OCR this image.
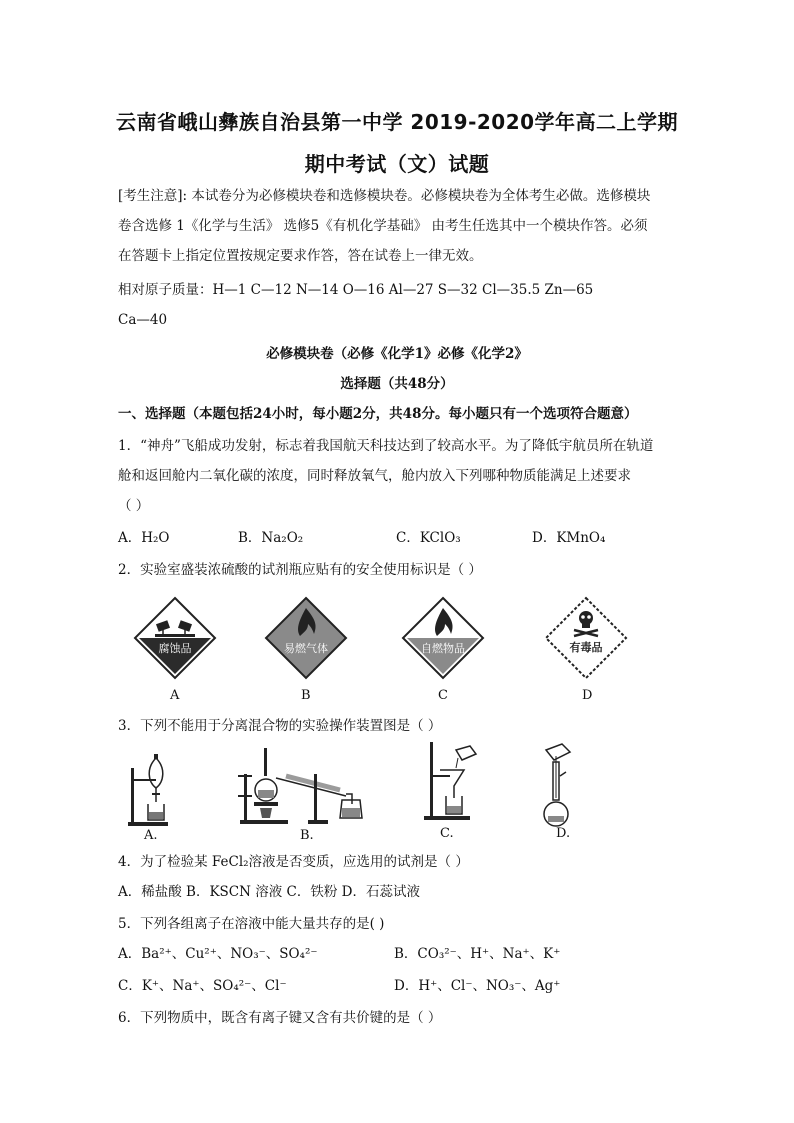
云南省峨山彝族自治县第一中学 2019-2020学年高二上学期
期中考试（文）试题
[考生注意]: 本试卷分为必修模块卷和选修模块卷。必修模块卷为全体考生必做。选修模块
卷含选修 1《化学与生活》 选修5《有机化学基础》 由考生任选其中一个模块作答。必须
在答题卡上指定位置按规定要求作答，答在试卷上一律无效。
相对原子质量：H—1 C—12 N—14 O—16 Al—27 S—32 Cl—35.5 Zn—65
Ca—40
必修模块卷（必修《化学1》必修《化学2》
选择题（共48分）
一、选择题（本题包括24小时，每小题2分，共48分。每小题只有一个选项符合题意）
1．“神舟”飞船成功发射，标志着我国航天科技达到了较高水平。为了降低宇航员所在轨道
舱和返回舱内二氧化碳的浓度，同时释放氧气，舱内放入下列哪种物质能满足上述要求
（ ）
A．H₂O	B．Na₂O₂	C．KClO₃	D．KMnO₄
2．实验室盛装浓硫酸的试剂瓶应贴有的安全使用标识是（ ）
腐蚀品
A
易燃气体
B
自燃物品
C
有毒品
D
3．下列不能用于分离混合物的实验操作装置图是（ ）
A.	B.	C.	D.
4．为了检验某 FeCl₂溶液是否变质，应选用的试剂是（ ）
A．稀盐酸 B．KSCN 溶液 C．铁粉 D．石蕊试液
5．下列各组离子在溶液中能大量共存的是( )
A．Ba²⁺、Cu²⁺、NO₃⁻、SO₄²⁻	B．CO₃²⁻、H⁺、Na⁺、K⁺
C．K⁺、Na⁺、SO₄²⁻、Cl⁻	D．H⁺、Cl⁻、NO₃⁻、Ag⁺
6．下列物质中，既含有离子键又含有共价键的是（ ）
